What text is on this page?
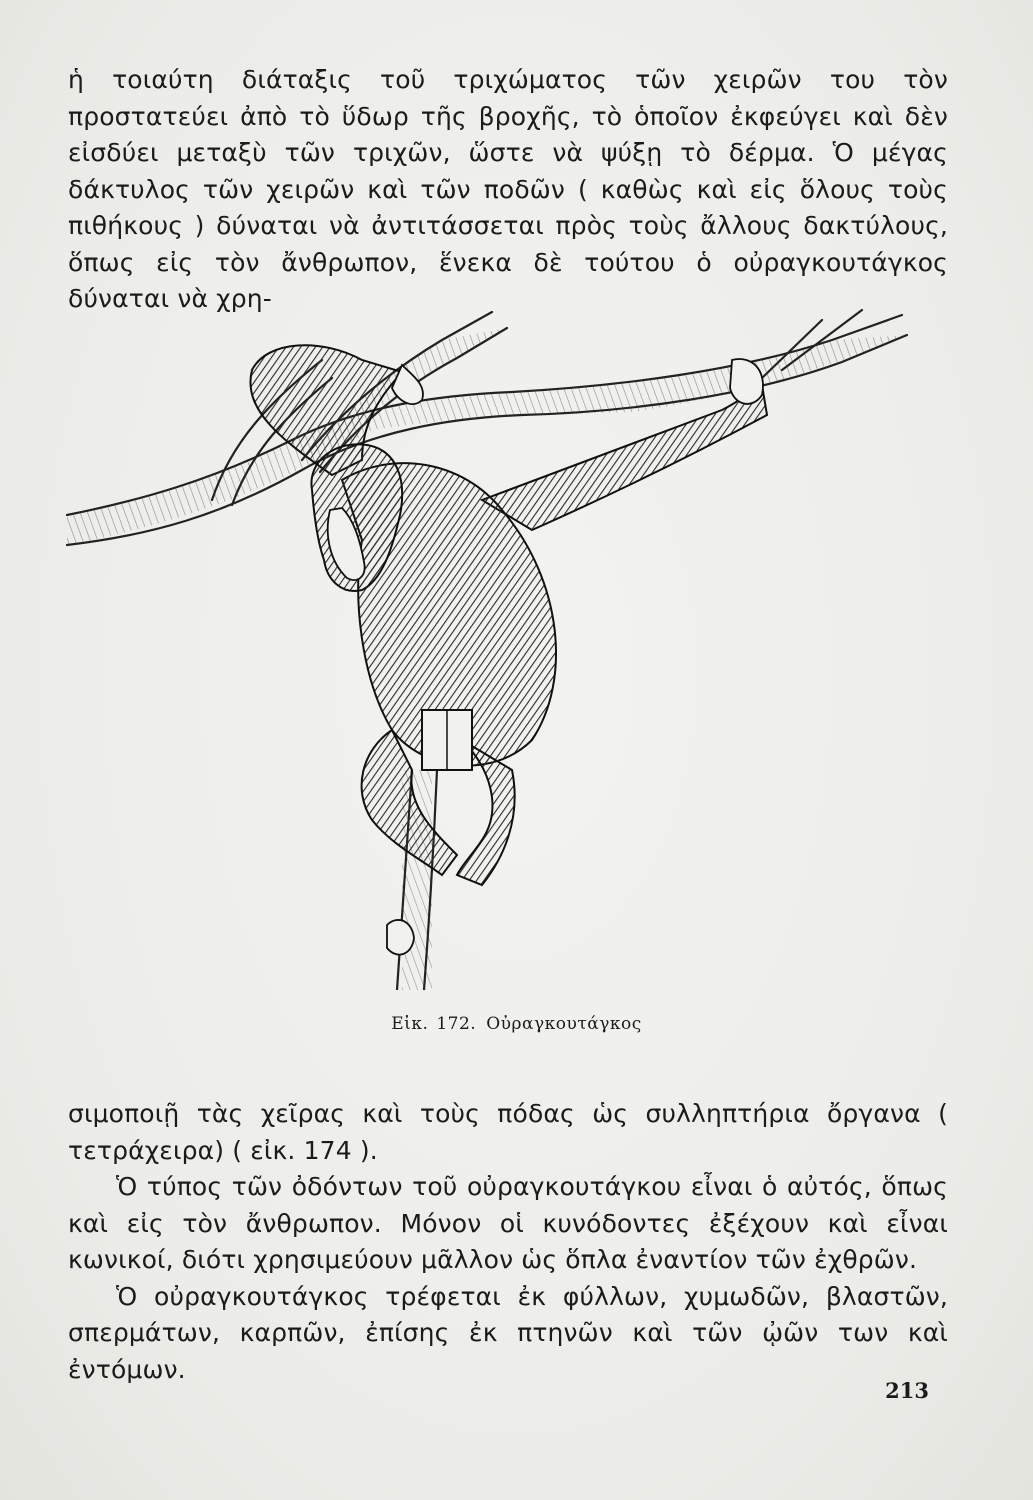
ἡ τοιαύτη διάταξις τοῦ τριχώματος τῶν χειρῶν του τὸν προστατεύει ἀπὸ τὸ ὕδωρ τῆς βροχῆς, τὸ ὁποῖον ἐκφεύγει καὶ δὲν εἰσδύει μεταξὺ τῶν τριχῶν, ὥστε νὰ ψύξῃ τὸ δέρμα. Ὁ μέγας δάκτυλος τῶν χειρῶν καὶ τῶν ποδῶν ( καθὼς καὶ εἰς ὅλους τοὺς πιθήκους ) δύναται νὰ ἀντιτάσσεται πρὸς τοὺς ἄλλους δακτύλους, ὅπως εἰς τὸν ἄνθρωπον, ἕνεκα δὲ τούτου ὁ οὐραγκουτάγκος δύναται νὰ χρη-

Εἰκ. 172. Οὐραγκουτάγκος

σιμοποιῇ τὰς χεῖρας καὶ τοὺς πόδας ὡς συλληπτήρια ὄργανα ( τετράχειρα) ( εἰκ. 174 ).

Ὁ τύπος τῶν ὀδόντων τοῦ οὐραγκουτάγκου εἶναι ὁ αὐτός, ὅπως καὶ εἰς τὸν ἄνθρωπον. Μόνον οἱ κυνόδοντες ἐξέχουν καὶ εἶναι κωνικοί, διότι χρησιμεύουν μᾶλλον ὡς ὅπλα ἐναντίον τῶν ἐχθρῶν.

Ὁ οὐραγκουτάγκος τρέφεται ἐκ φύλλων, χυμωδῶν, βλαστῶν, σπερμάτων, καρπῶν, ἐπίσης ἐκ πτηνῶν καὶ τῶν ᾠῶν των καὶ ἐντόμων.

213
